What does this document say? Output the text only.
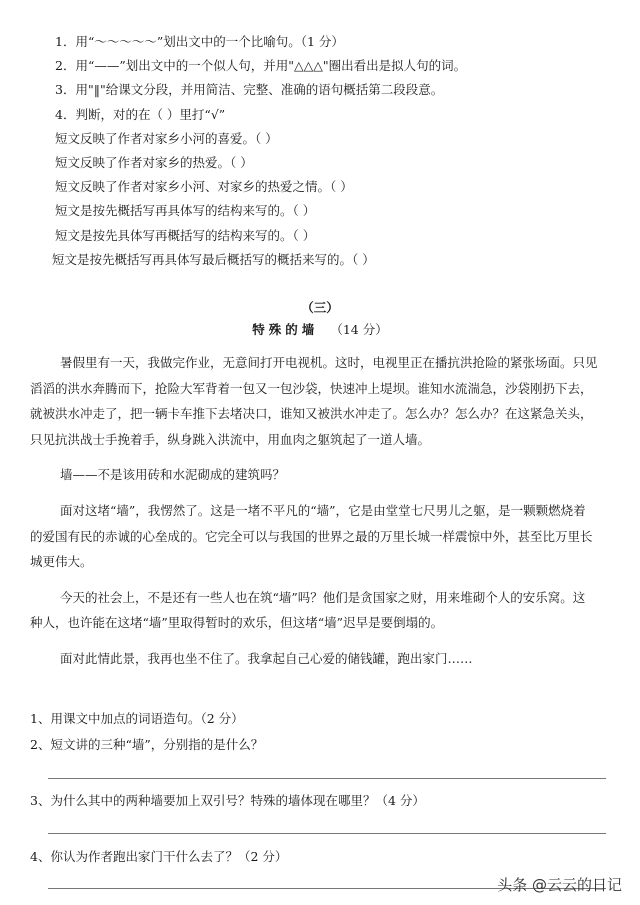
1．用“～～～～～”划出文中的一个比喻句。（1 分）
2．用“——”划出文中的一个似人句，并用"△△△"圈出看出是拟人句的词。
3．用"‖"给课文分段，并用简洁、完整、准确的语句概括第二段段意。
4．判断，对的在（ ）里打“√”
短文反映了作者对家乡小河的喜爱。（ ）
短文反映了作者对家乡的热爱。（ ）
短文反映了作者对家乡小河、对家乡的热爱之情。（ ）
短文是按先概括写再具体写的结构来写的。（ ）
短文是按先具体写再概括写的结构来写的。（ ）
短文是按先概括写再具体写最后概括写的概括来写的。（ ）
（三）
特殊的墙 （14 分）
暑假里有一天，我做完作业，无意间打开电视机。这时，电视里正在播抗洪抢险的紧张场面。只见
滔滔的洪水奔腾而下，抢险大军背着一包又一包沙袋，快速冲上堤坝。谁知水流湍急，沙袋刚扔下去，
就被洪水冲走了，把一辆卡车推下去堵决口，谁知又被洪水冲走了。怎么办？怎么办？在这紧急关头，
只见抗洪战士手挽着手，纵身跳入洪流中，用血肉之躯筑起了一道人墙。
墙——不是该用砖和水泥砌成的建筑吗？
面对这堵“墙”，我愣然了。这是一堵不平凡的“墙”，它是由堂堂七尺男儿之躯，是一颗颗燃烧着
的爱国有民的赤诚的心垒成的。它完全可以与我国的世界之最的万里长城一样震惊中外，甚至比万里长
城更伟大。
今天的社会上，不是还有一些人也在筑“墙”吗？他们是贪国家之财，用来堆砌个人的安乐窝。这
种人，也许能在这堵“墙”里取得暂时的欢乐，但这堵“墙”迟早是要倒塌的。
面对此情此景，我再也坐不住了。我拿起自己心爱的储钱罐，跑出家门……
1、用课文中加点的词语造句。（2 分）
2、短文讲的三种“墙”，分别指的是什么？
3、为什么其中的两种墙要加上双引号？特殊的墙体现在哪里？（4 分）
4、你认为作者跑出家门干什么去了？（2 分）
头条 @云云的日记
